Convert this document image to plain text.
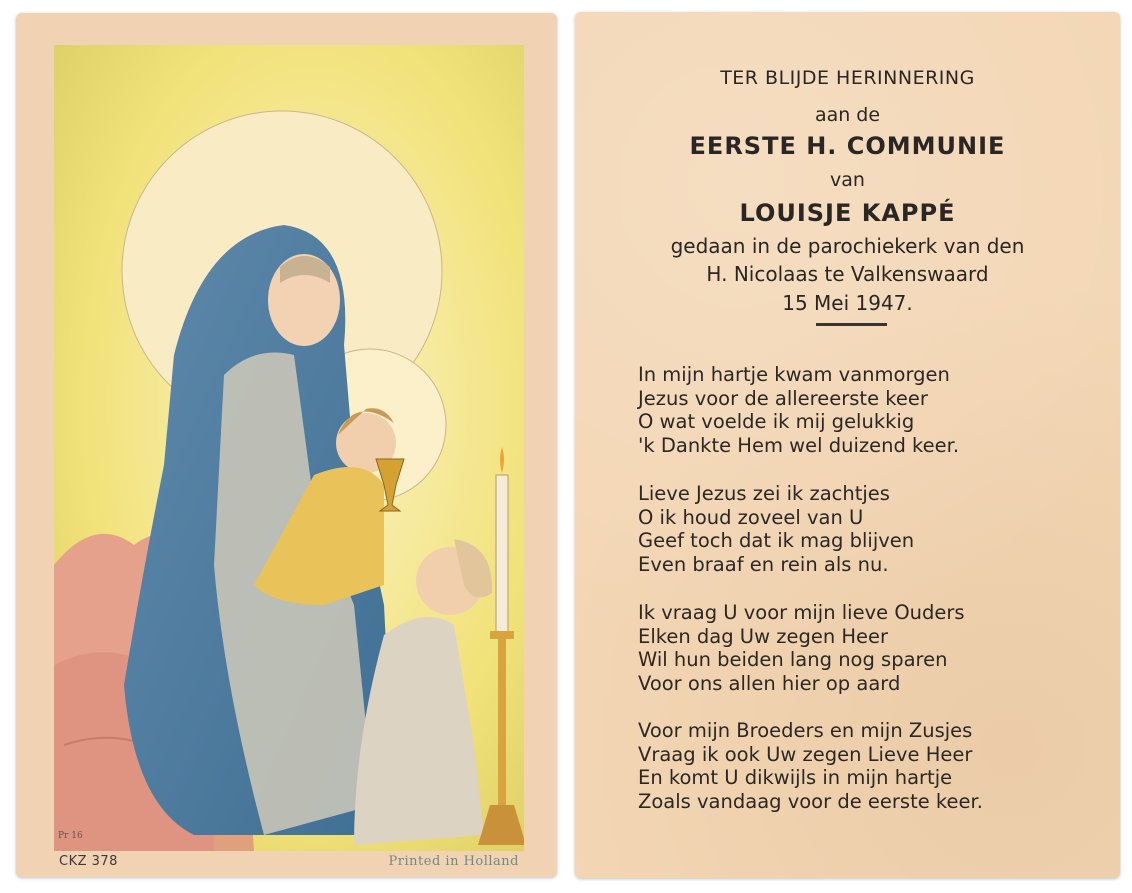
Pr 16
CKZ 378	Printed in Holland
TER BLIJDE HERINNERING
aan de
EERSTE H. COMMUNIE
van
LOUISJE KAPPÉ
gedaan in de parochiekerk van den
H. Nicolaas te Valkenswaard
15 Mei 1947.
In mijn hartje kwam vanmorgen
Jezus voor de allereerste keer
O wat voelde ik mij gelukkig
'k Dankte Hem wel duizend keer.
Lieve Jezus zei ik zachtjes
O ik houd zoveel van U
Geef toch dat ik mag blijven
Even braaf en rein als nu.
Ik vraag U voor mijn lieve Ouders
Elken dag Uw zegen Heer
Wil hun beiden lang nog sparen
Voor ons allen hier op aard
Voor mijn Broeders en mijn Zusjes
Vraag ik ook Uw zegen Lieve Heer
En komt U dikwijls in mijn hartje
Zoals vandaag voor de eerste keer.
